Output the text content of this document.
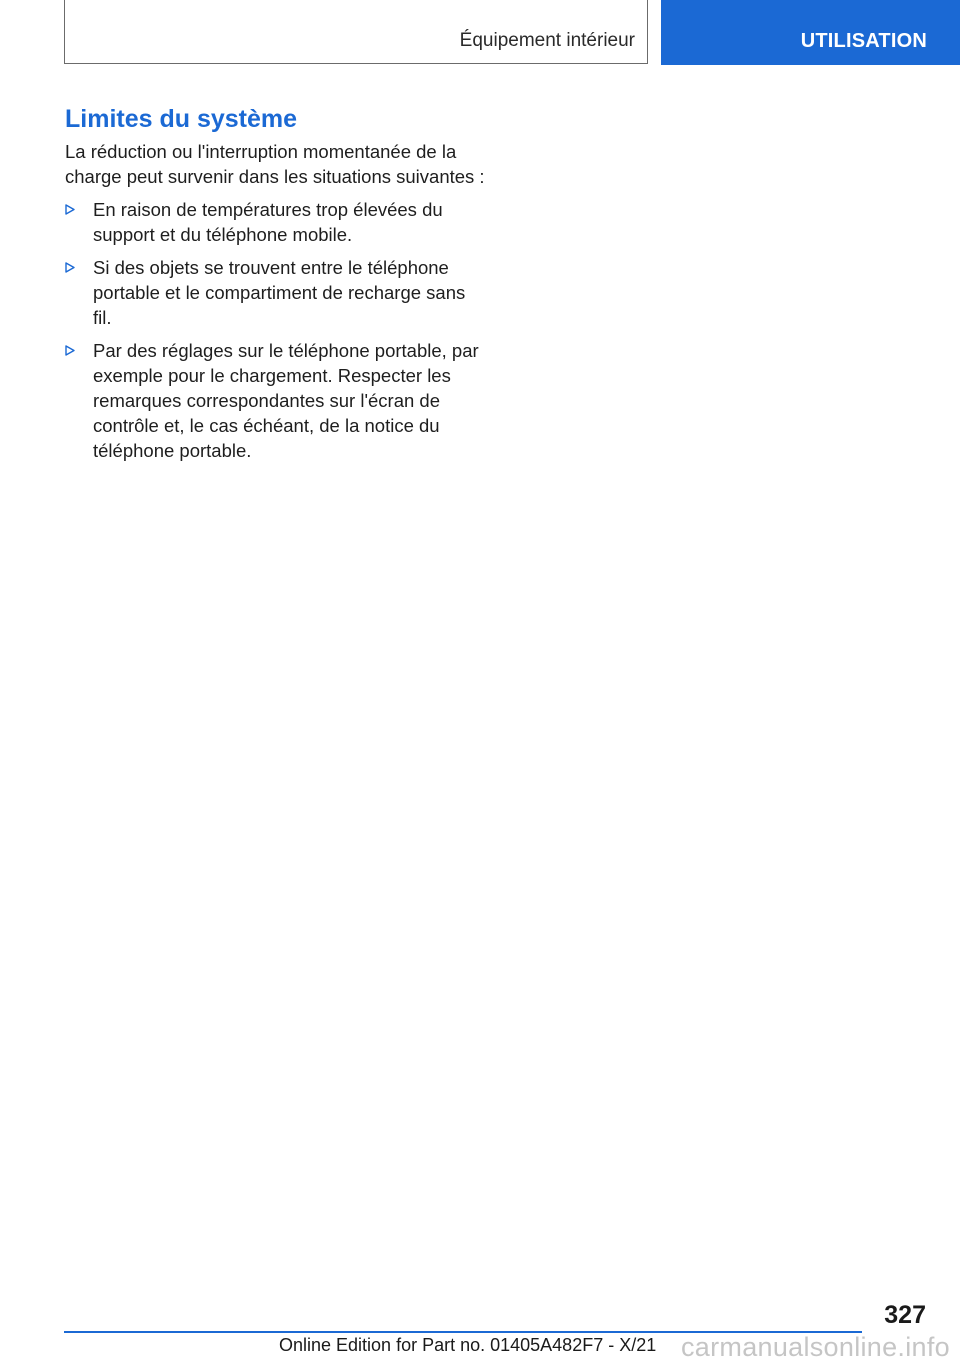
Équipement intérieur	UTILISATION
Limites du système

La réduction ou l'interruption momentanée de la charge peut survenir dans les situations suivantes :

En raison de températures trop élevées du support et du téléphone mobile.
Si des objets se trouvent entre le téléphone portable et le compartiment de recharge sans fil.
Par des réglages sur le téléphone portable, par exemple pour le chargement. Respecter les remarques correspondantes sur l'écran de contrôle et, le cas échéant, de la notice du téléphone portable.
327
Online Edition for Part no. 01405A482F7 - X/21 carmanualsonline.info
